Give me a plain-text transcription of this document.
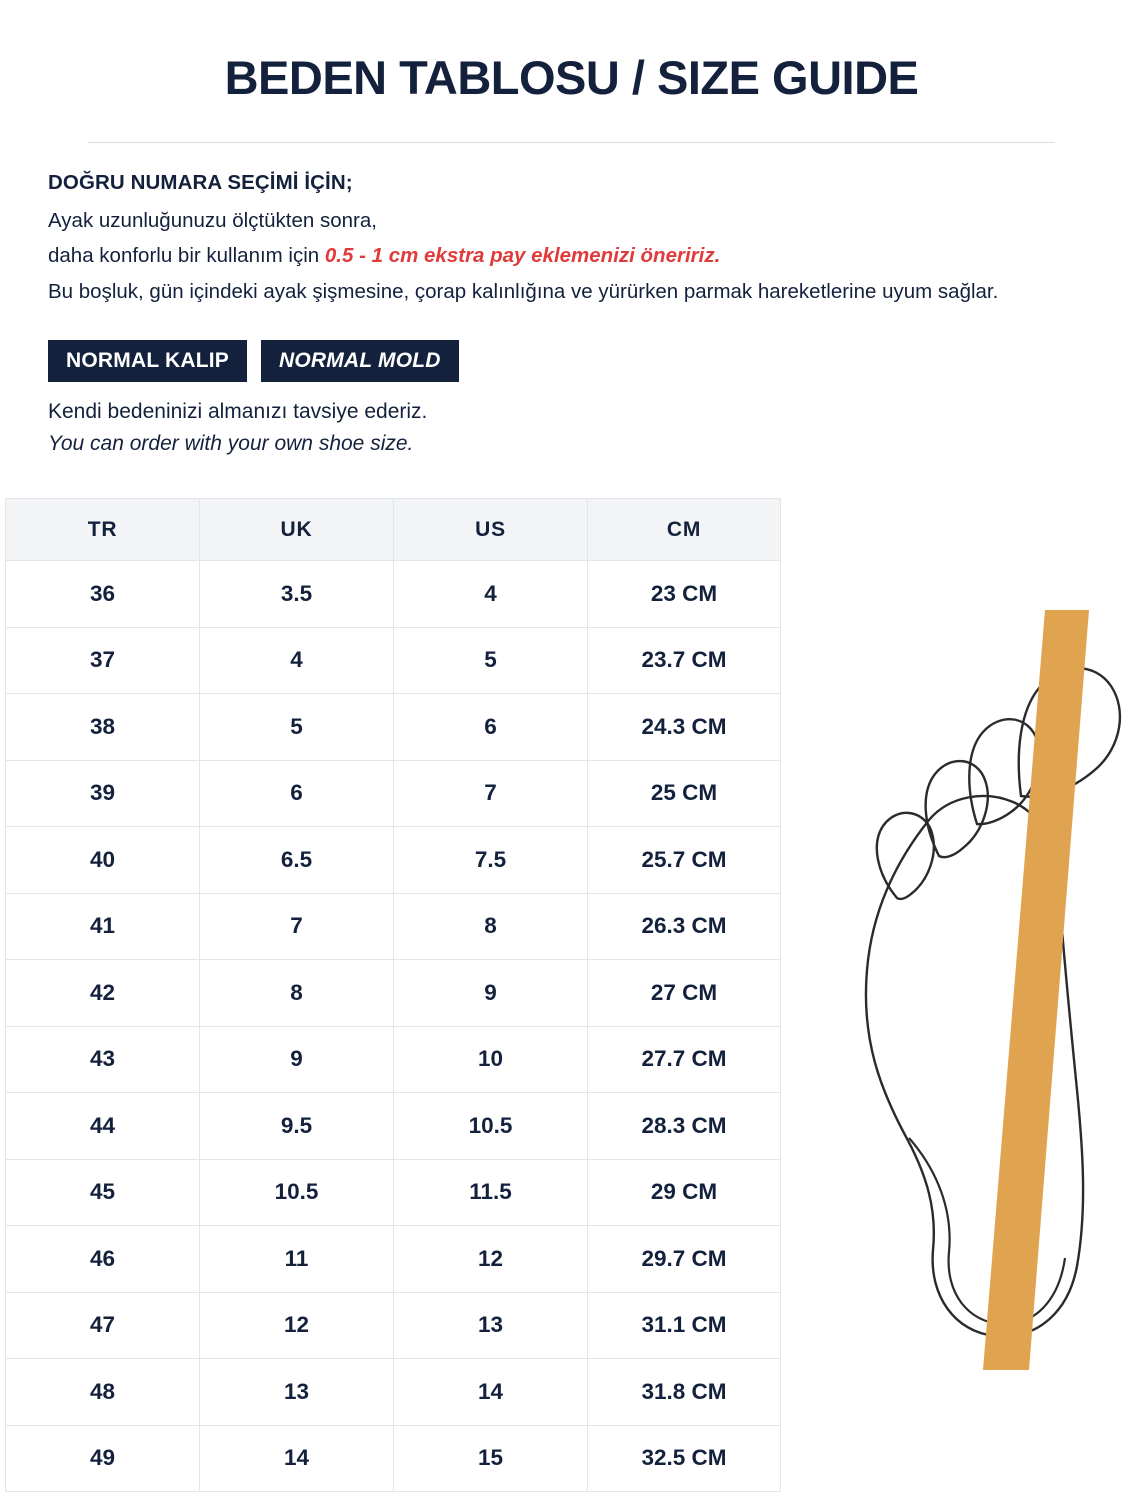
BEDEN TABLOSU / SIZE GUIDE
DOĞRU NUMARA SEÇİMİ İÇİN;

Ayak uzunluğunuzu ölçtükten sonra,

daha konforlu bir kullanım için 0.5 - 1 cm ekstra pay eklemenizi öneririz.

Bu boşluk, gün içindeki ayak şişmesine, çorap kalınlığına ve yürürken parmak hareketlerine uyum sağlar.

NORMAL KALIP	NORMAL MOLD

Kendi bedeninizi almanızı tavsiye ederiz.

You can order with your own shoe size.

TR	UK	US	CM
36	3.5	4	23 CM
37	4	5	23.7 CM
38	5	6	24.3 CM
39	6	7	25 CM
40	6.5	7.5	25.7 CM
41	7	8	26.3 CM
42	8	9	27 CM
43	9	10	27.7 CM
44	9.5	10.5	28.3 CM
45	10.5	11.5	29 CM
46	11	12	29.7 CM
47	12	13	31.1 CM
48	13	14	31.8 CM
49	14	15	32.5 CM
